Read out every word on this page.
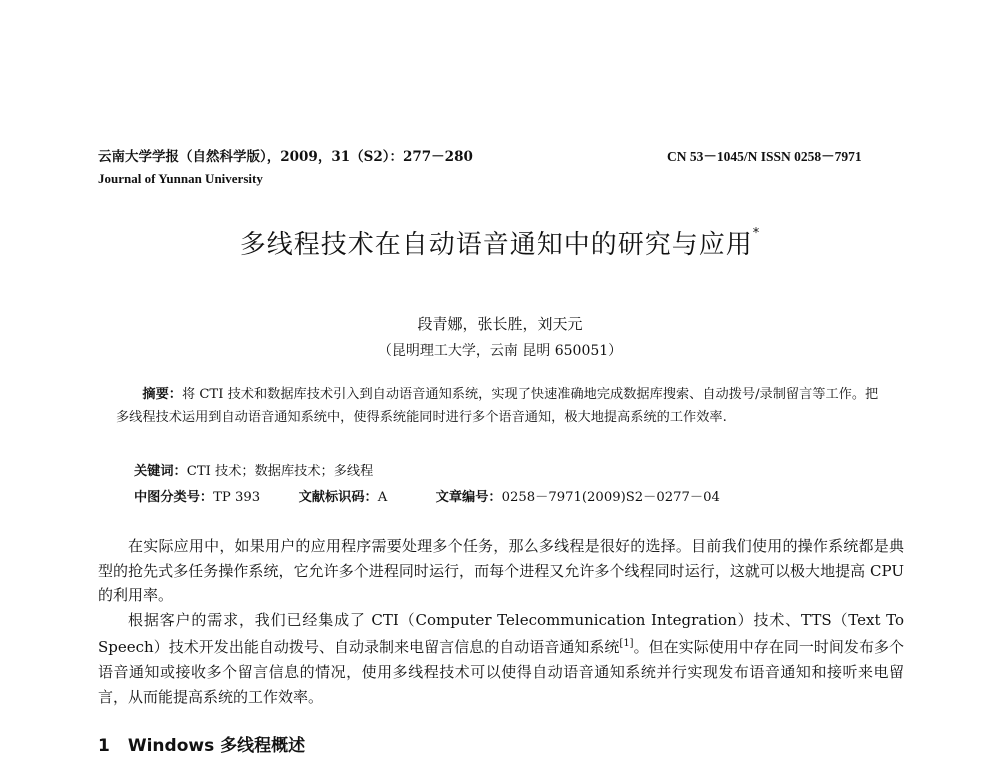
云南大学学报（自然科学版），2009，31（S2）：277－280
Journal of Yunnan University
CN 53－1045/N ISSN 0258－7971
多线程技术在自动语音通知中的研究与应用*
段青娜，张长胜，刘天元
（昆明理工大学，云南 昆明 650051）

摘要：将 CTI 技术和数据库技术引入到自动语音通知系统，实现了快速准确地完成数据库搜索、自动拨号/录制留言等工作。把多线程技术运用到自动语音通知系统中，使得系统能同时进行多个语音通知，极大地提高系统的工作效率.

关键词：CTI 技术；数据库技术；多线程
中图分类号：TP 393	文献标识码：A	文章编号：0258－7971(2009)S2－0277－04

在实际应用中，如果用户的应用程序需要处理多个任务，那么多线程是很好的选择。目前我们使用的操作系统都是典型的抢先式多任务操作系统，它允许多个进程同时运行，而每个进程又允许多个线程同时运行，这就可以极大地提高 CPU 的利用率。

根据客户的需求，我们已经集成了 CTI（Computer Telecommunication Integration）技术、TTS（Text To Speech）技术开发出能自动拨号、自动录制来电留言信息的自动语音通知系统[1]。但在实际使用中存在同一时间发布多个语音通知或接收多个留言信息的情况，使用多线程技术可以使得自动语音通知系统并行实现发布语音通知和接听来电留言，从而能提高系统的工作效率。

1 Windows 多线程概述
